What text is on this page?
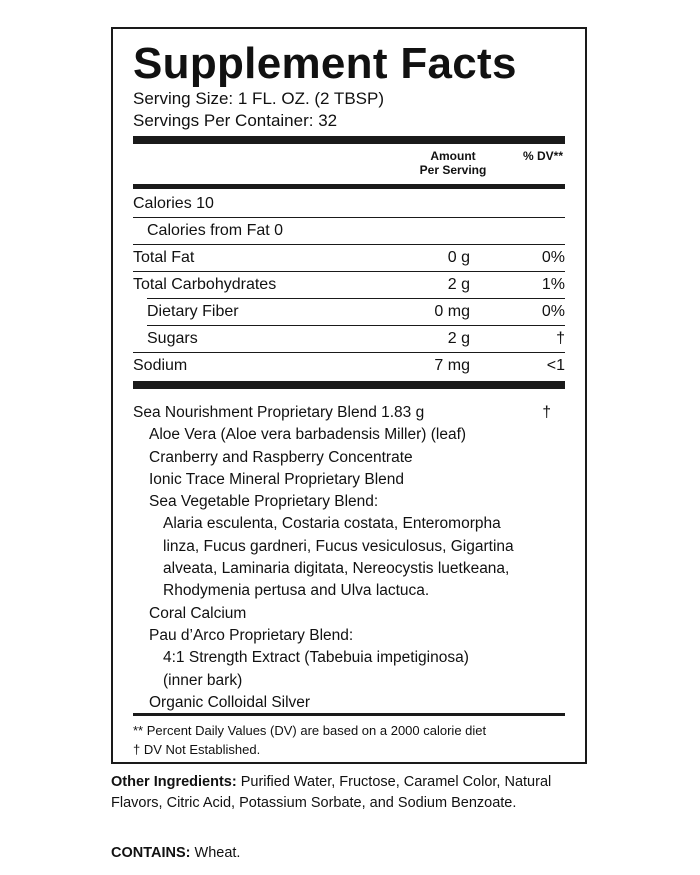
Supplement Facts
Serving Size: 1 FL. OZ. (2 TBSP)
Servings Per Container: 32
Amount
Per Serving
% DV**
Calories 10
Calories from Fat 0
Total Fat	0 g	0%
Total Carbohydrates	2 g	1%
Dietary Fiber	0 mg	0%
Sugars	2 g	†
Sodium	7 mg	<1
Sea Nourishment Proprietary Blend 1.83 g	†
Aloe Vera (Aloe vera barbadensis Miller) (leaf)
Cranberry and Raspberry Concentrate
Ionic Trace Mineral Proprietary Blend
Sea Vegetable Proprietary Blend:
Alaria esculenta, Costaria costata, Enteromorpha
linza, Fucus gardneri, Fucus vesiculosus, Gigartina
alveata, Laminaria digitata, Nereocystis luetkeana,
Rhodymenia pertusa and Ulva lactuca.
Coral Calcium
Pau d’Arco Proprietary Blend:
4:1 Strength Extract (Tabebuia impetiginosa)
(inner bark)
Organic Colloidal Silver
** Percent Daily Values (DV) are based on a 2000 calorie diet
† DV Not Established.
Other Ingredients: Purified Water, Fructose, Caramel Color, Natural Flavors, Citric Acid, Potassium Sorbate, and Sodium Benzoate.
CONTAINS: Wheat.
